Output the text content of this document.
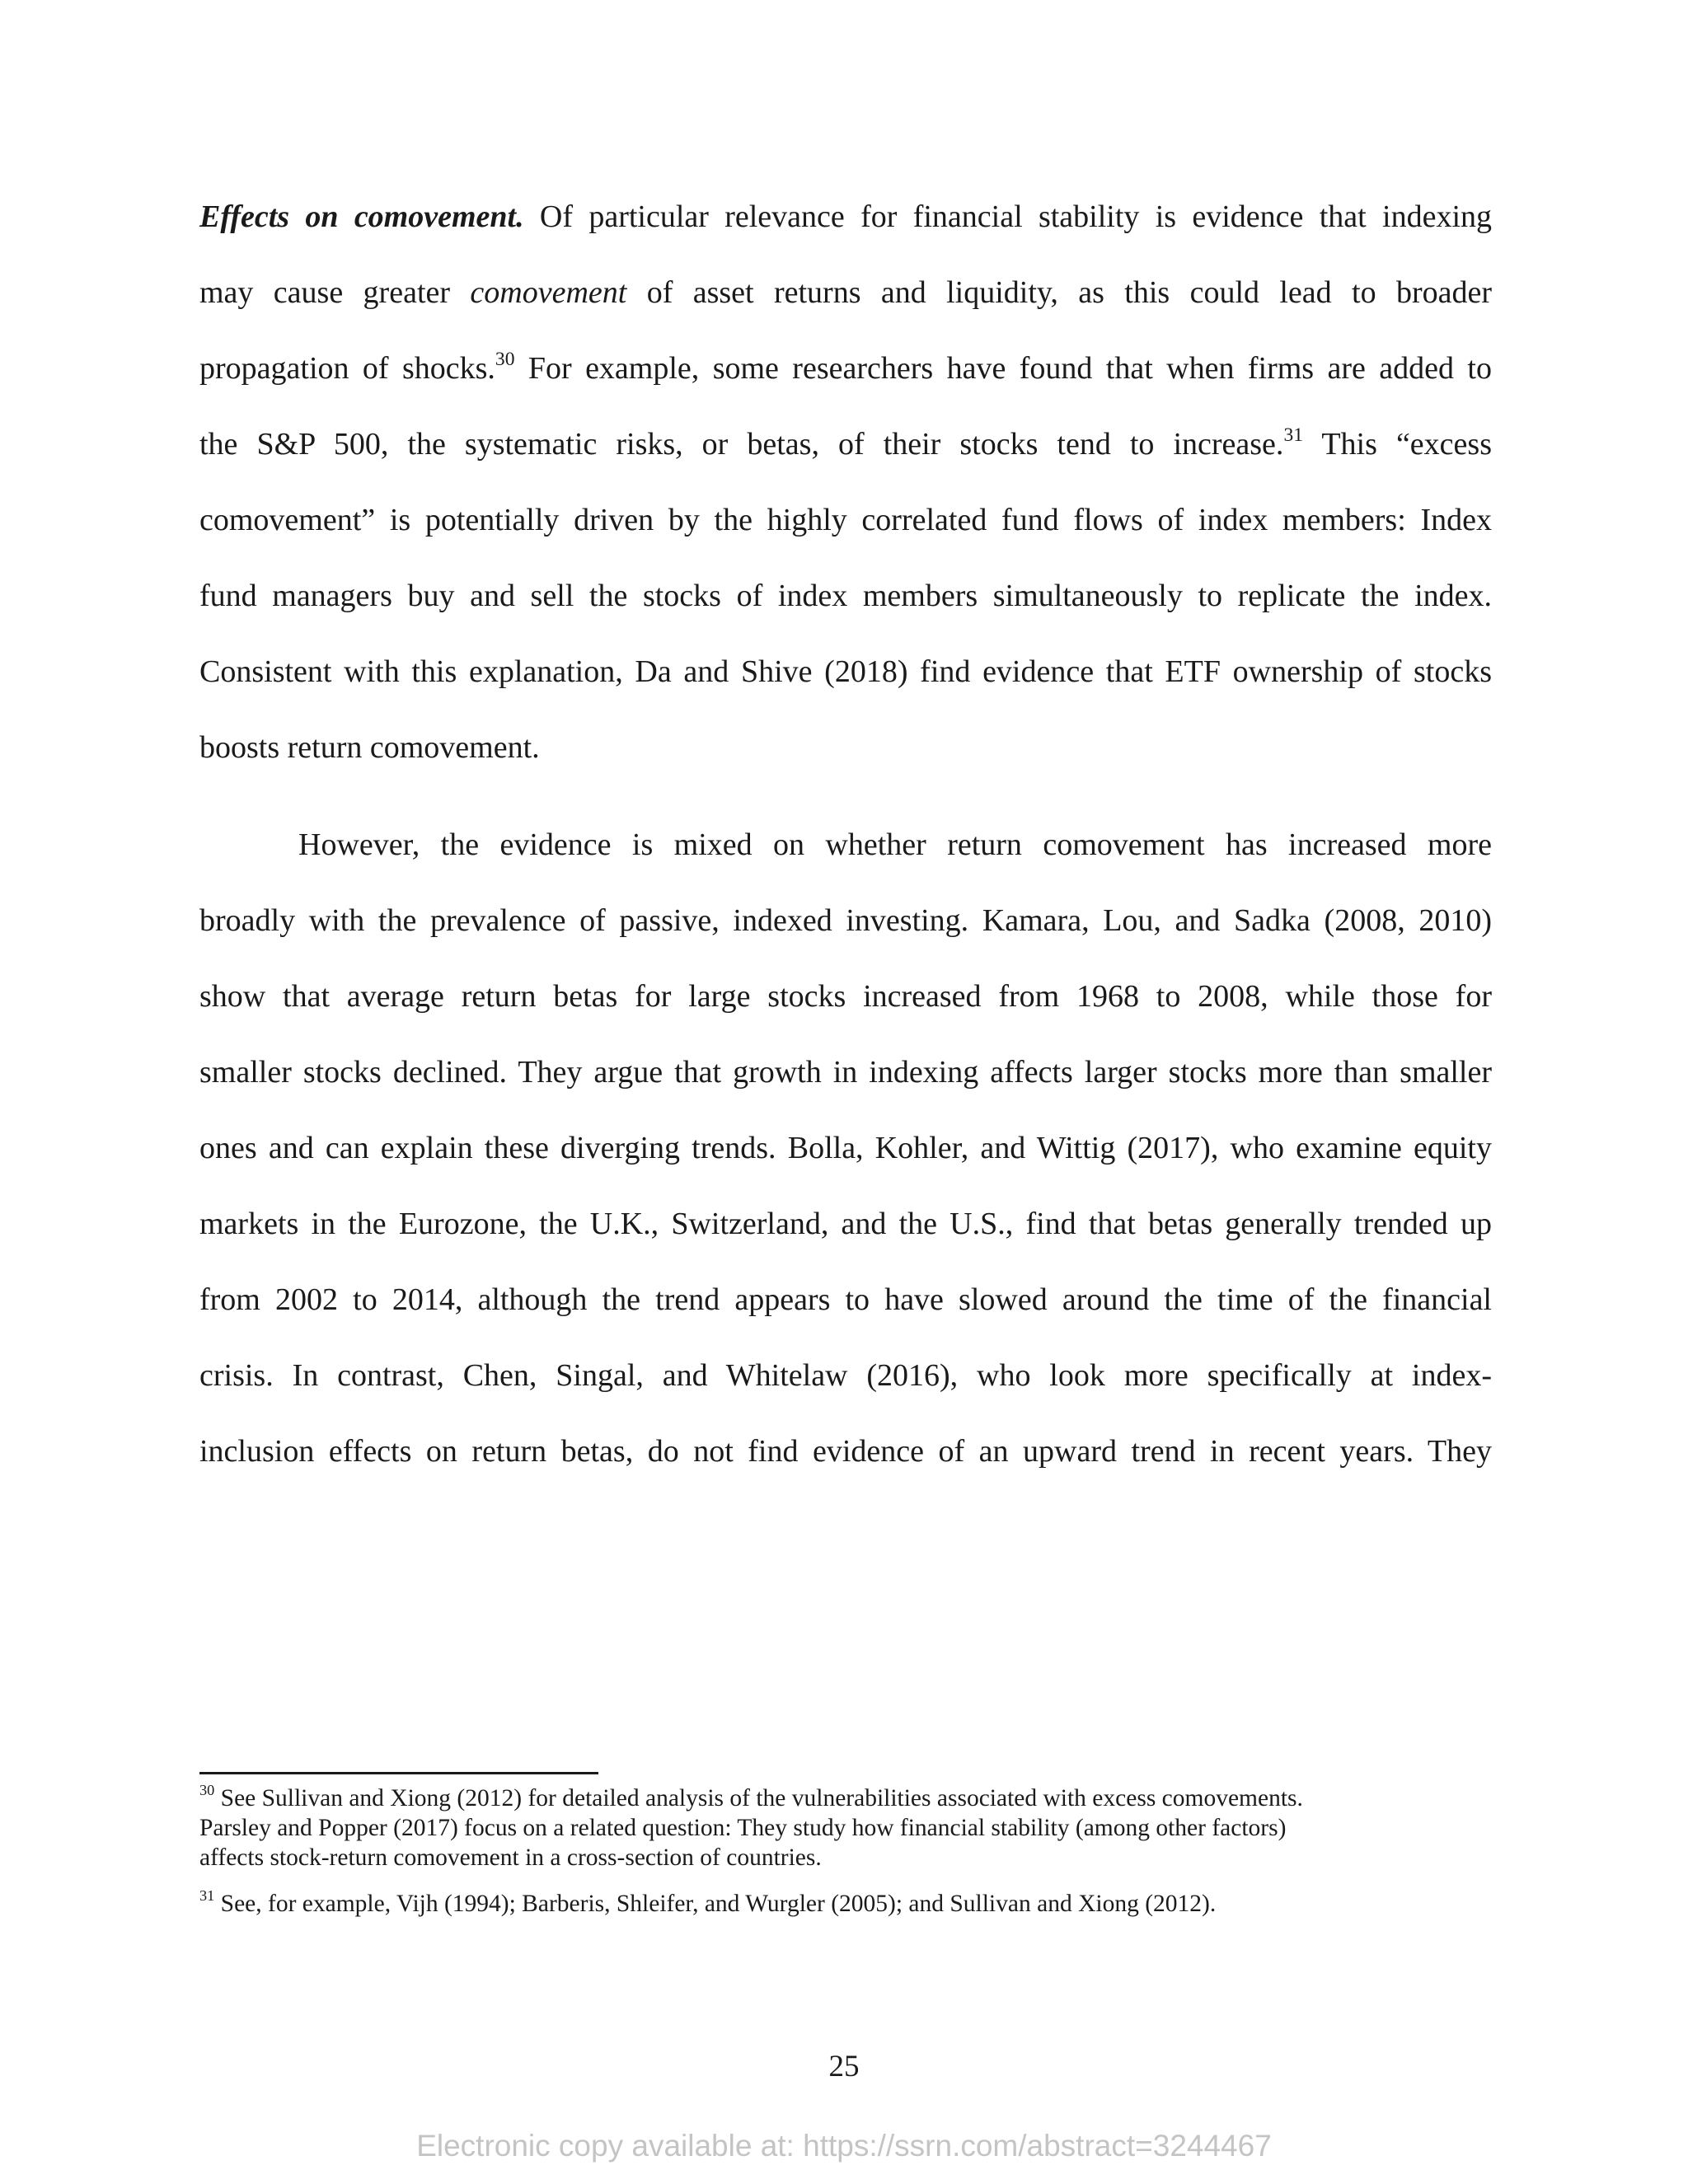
Effects on comovement. Of particular relevance for financial stability is evidence that indexing
may cause greater comovement of asset returns and liquidity, as this could lead to broader
propagation of shocks.$^{30}$ For example, some researchers have found that when firms are added to
the S&P 500, the systematic risks, or betas, of their stocks tend to increase.$^{31}$ This “excess
comovement” is potentially driven by the highly correlated fund flows of index members: Index
fund managers buy and sell the stocks of index members simultaneously to replicate the index.
Consistent with this explanation, Da and Shive (2018) find evidence that ETF ownership of stocks
boosts return comovement.
However, the evidence is mixed on whether return comovement has increased more
broadly with the prevalence of passive, indexed investing. Kamara, Lou, and Sadka (2008, 2010)
show that average return betas for large stocks increased from 1968 to 2008, while those for
smaller stocks declined. They argue that growth in indexing affects larger stocks more than smaller
ones and can explain these diverging trends. Bolla, Kohler, and Wittig (2017), who examine equity
markets in the Eurozone, the U.K., Switzerland, and the U.S., find that betas generally trended up
from 2002 to 2014, although the trend appears to have slowed around the time of the financial
crisis. In contrast, Chen, Singal, and Whitelaw (2016), who look more specifically at index-
inclusion effects on return betas, do not find evidence of an upward trend in recent years. They
$^{30}$ See Sullivan and Xiong (2012) for detailed analysis of the vulnerabilities associated with excess comovements.
Parsley and Popper (2017) focus on a related question: They study how financial stability (among other factors)
affects stock-return comovement in a cross-section of countries.
$^{31}$ See, for example, Vijh (1994); Barberis, Shleifer, and Wurgler (2005); and Sullivan and Xiong (2012).
25
Electronic copy available at: https://ssrn.com/abstract=3244467
